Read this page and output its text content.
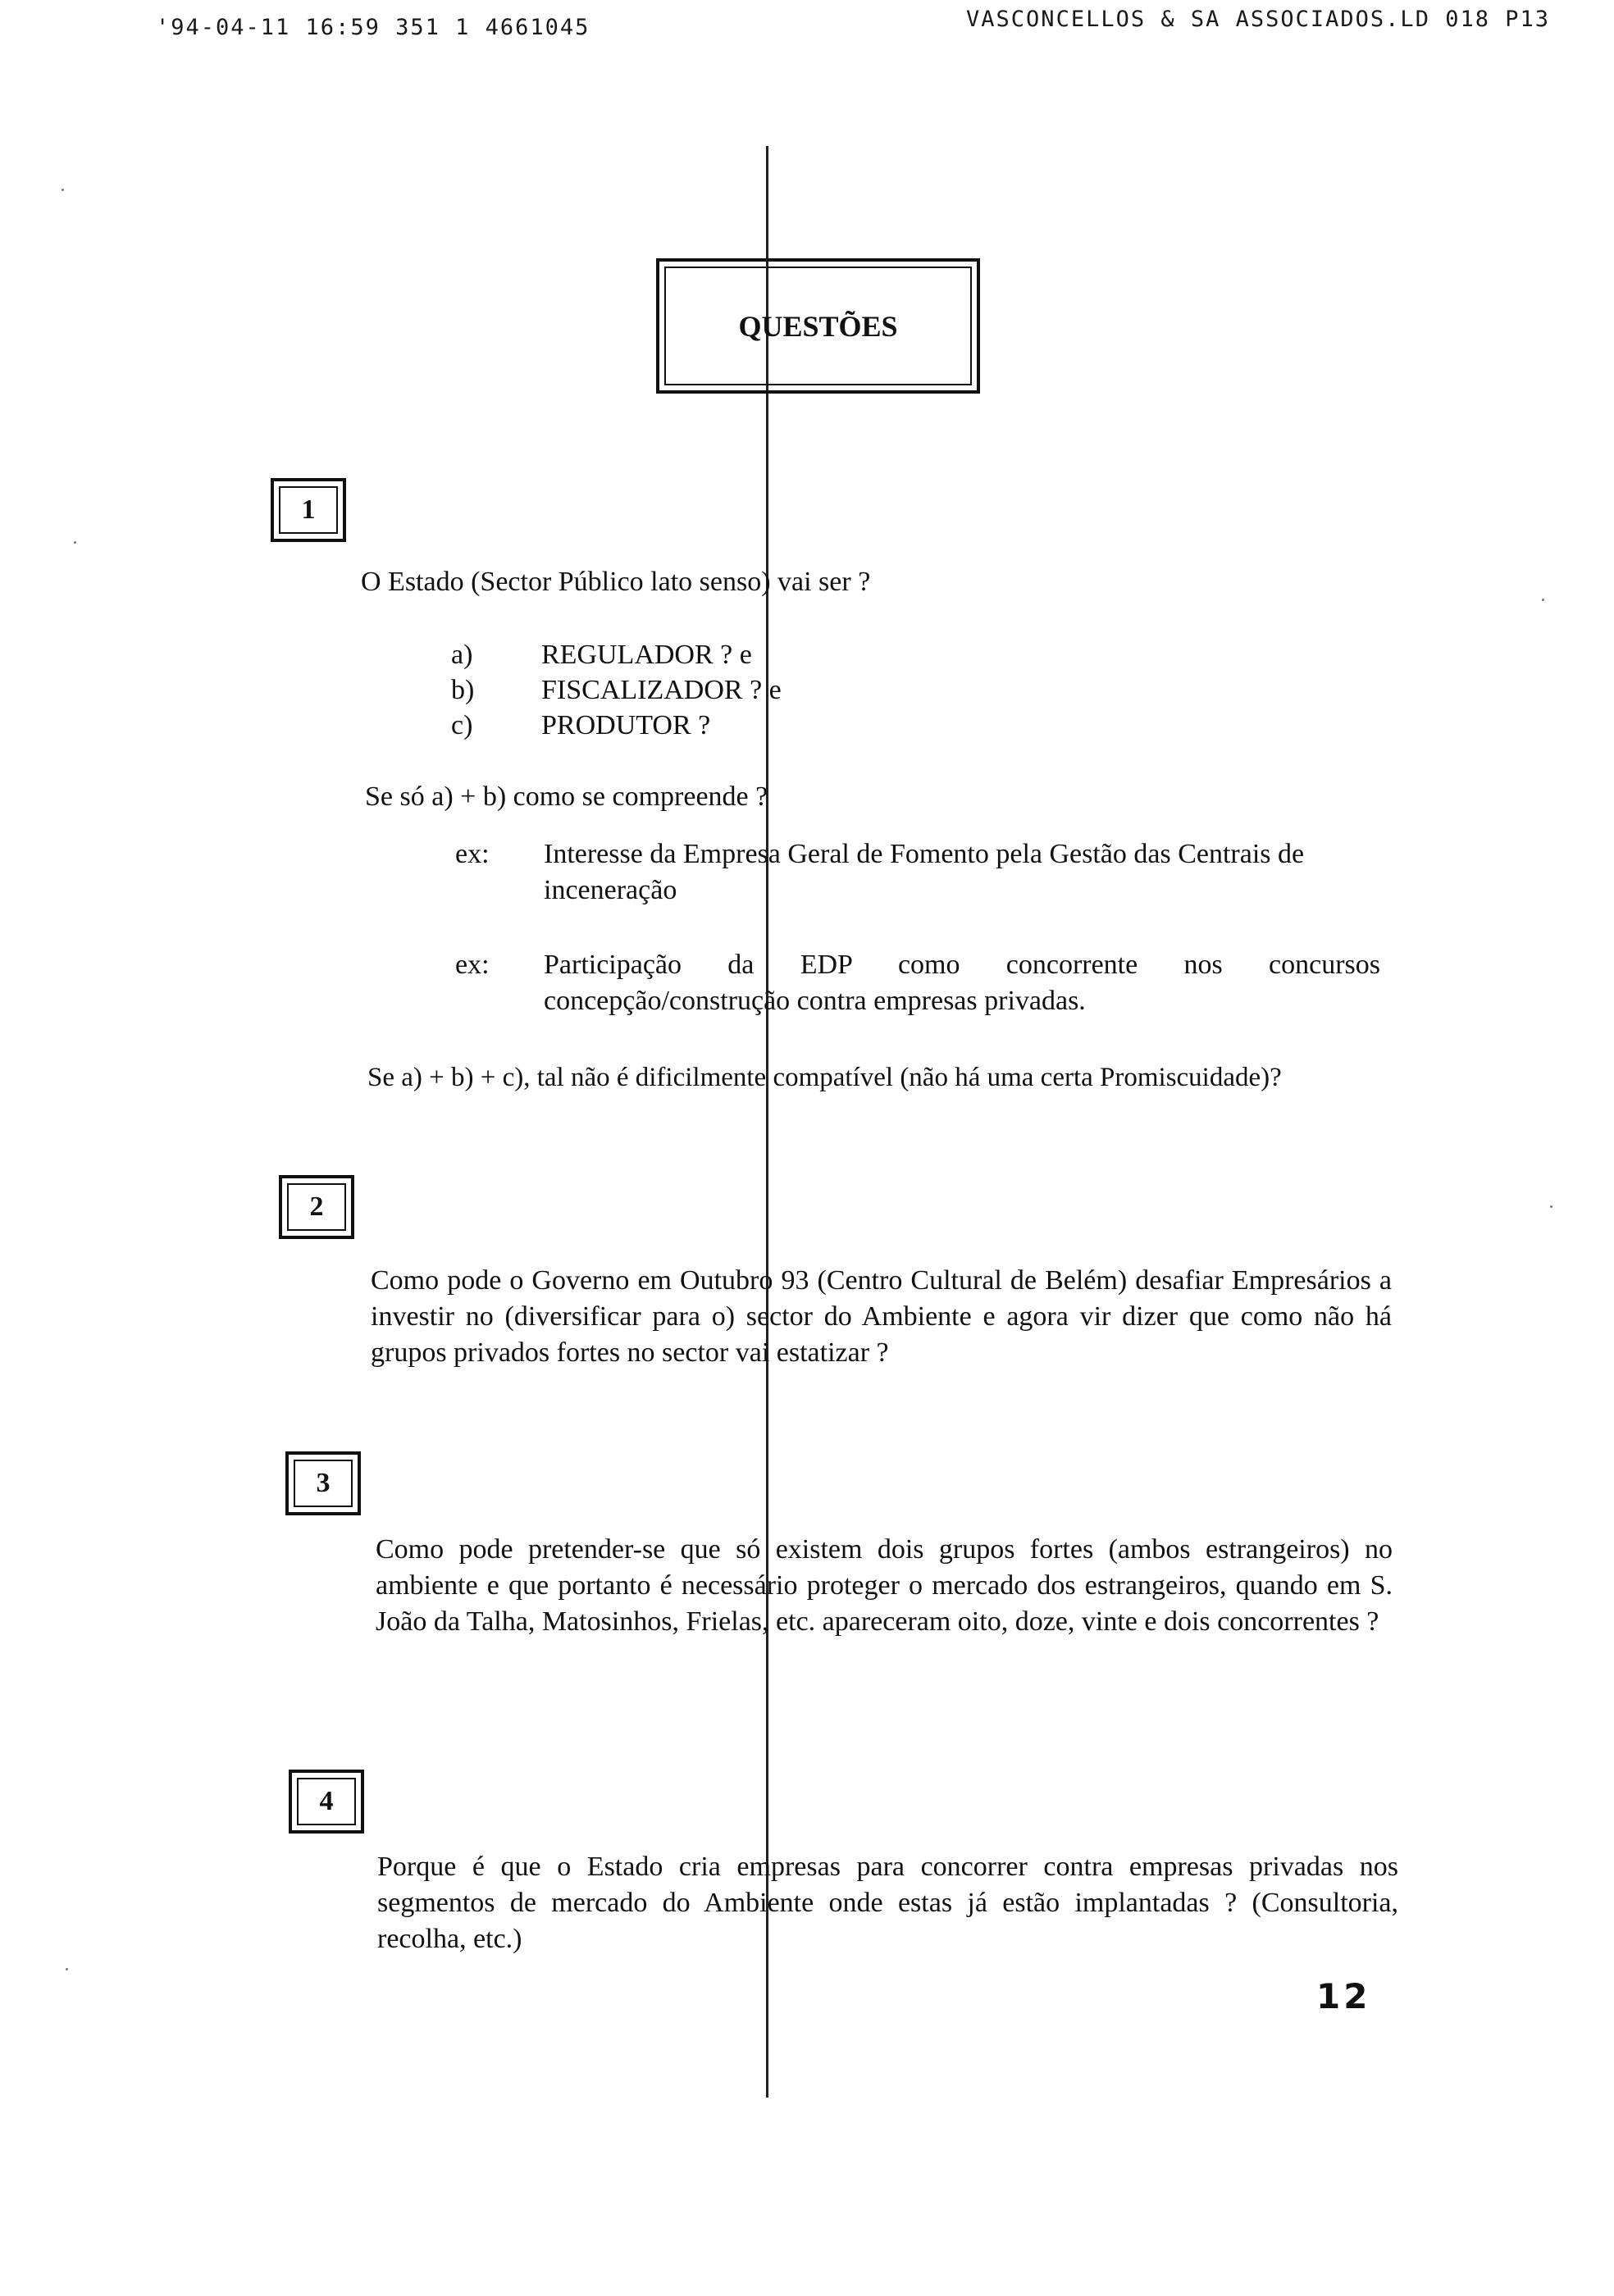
'94-04-11 16:59 351 1 4661045	VASCONCELLOS & SA ASSOCIADOS.LD 018 P13
QUESTÕES
1
O Estado (Sector Público lato senso) vai ser ?
a) REGULADOR ? e
b) FISCALIZADOR ? e
c) PRODUTOR ?
Se só a) + b) como se compreende ?
ex: Interesse da Empresa Geral de Fomento pela Gestão das Centrais de inceneração
ex: Participação da EDP como concorrente nos concursos concepção/construção contra empresas privadas.
Se a) + b) + c), tal não é dificilmente compatível (não há uma certa Promiscuidade)?
2
Como pode o Governo em Outubro 93 (Centro Cultural de Belém) desafiar Empresários a investir no (diversificar para o) sector do Ambiente e agora vir dizer que como não há grupos privados fortes no sector vai estatizar ?
3
Como pode pretender-se que só existem dois grupos fortes (ambos estrangeiros) no ambiente e que portanto é necessário proteger o mercado dos estrangeiros, quando em S. João da Talha, Matosinhos, Frielas, etc. apareceram oito, doze, vinte e dois concorrentes ?
4
Porque é que o Estado cria empresas para concorrer contra empresas privadas nos segmentos de mercado do Ambiente onde estas já estão implantadas ? (Consultoria, recolha, etc.)
12
